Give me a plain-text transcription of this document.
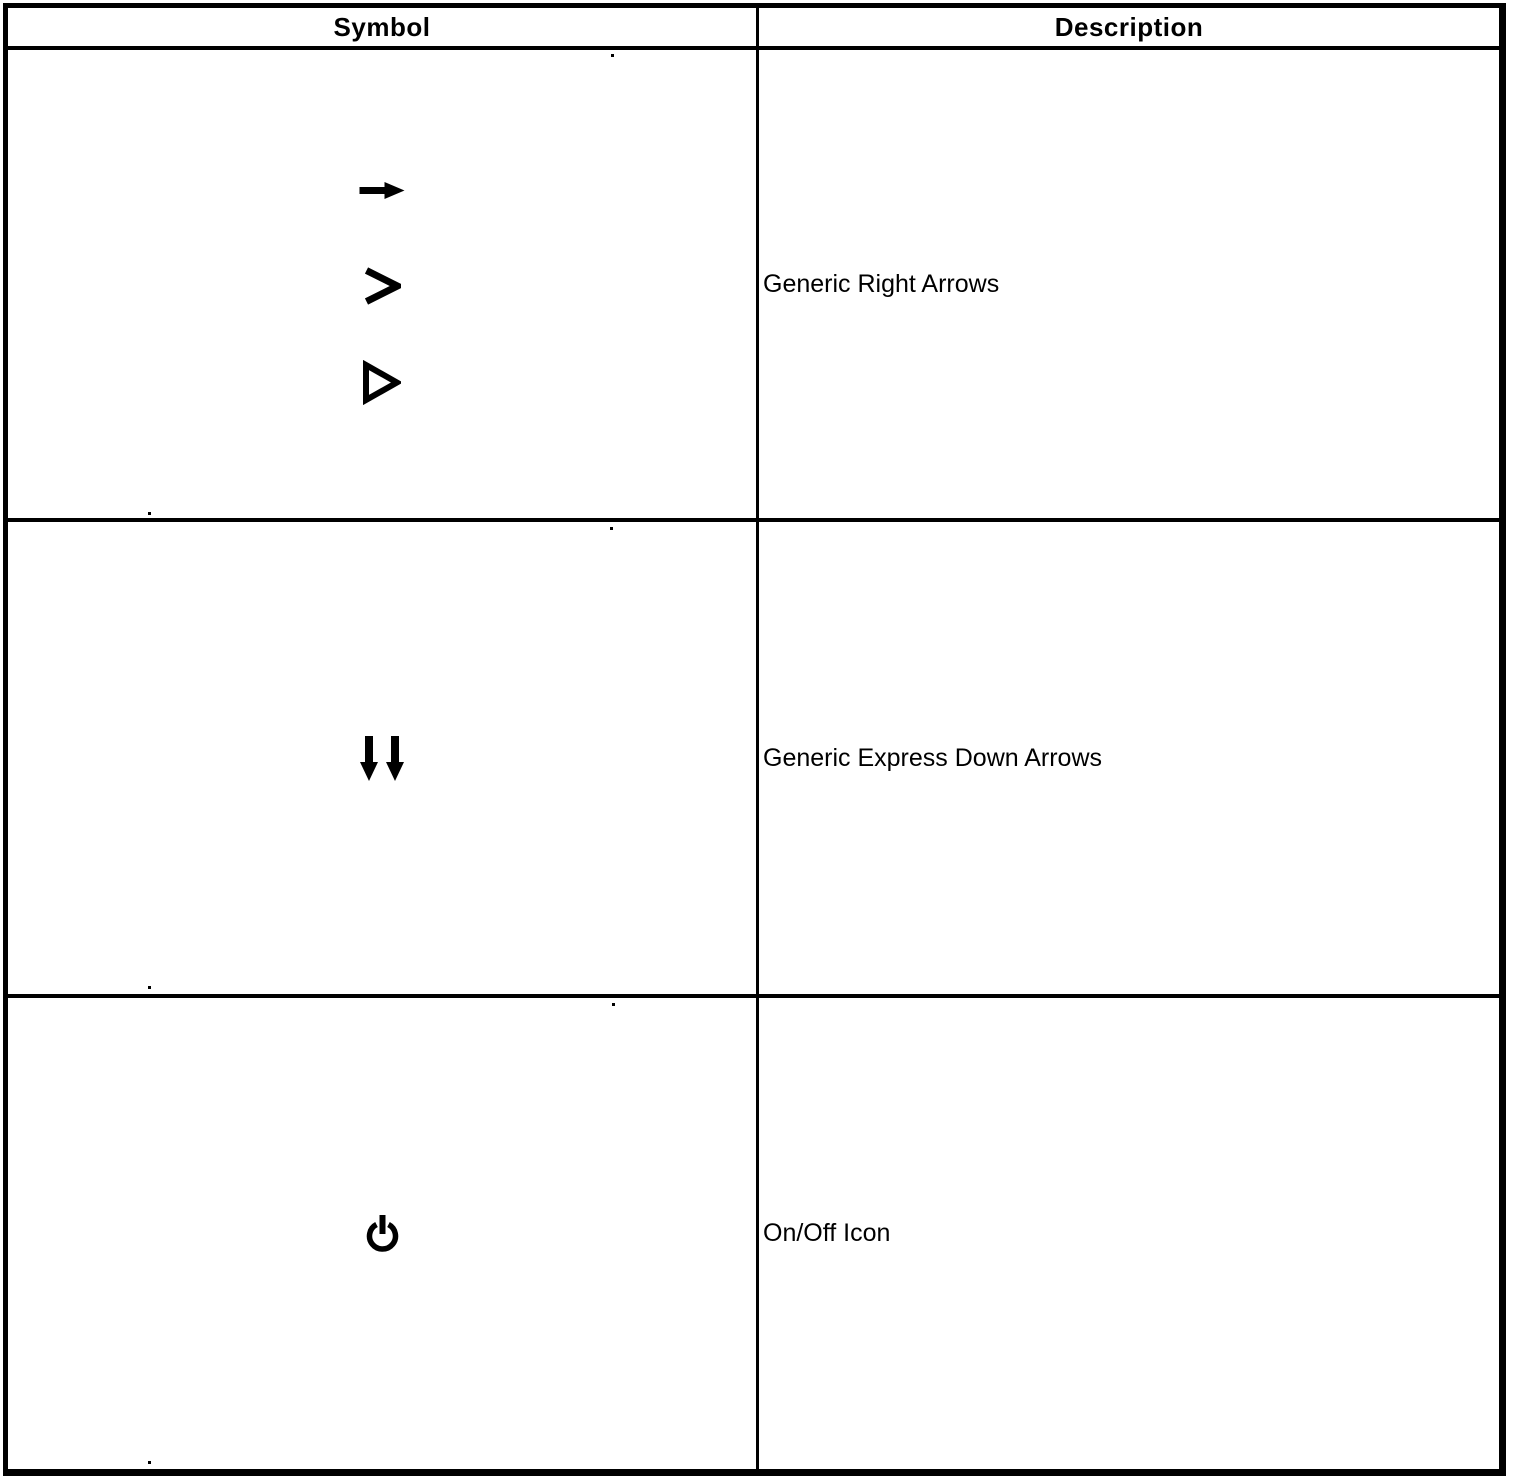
Symbol	Description
Generic Right Arrows
Generic Express Down Arrows
On/Off Icon
